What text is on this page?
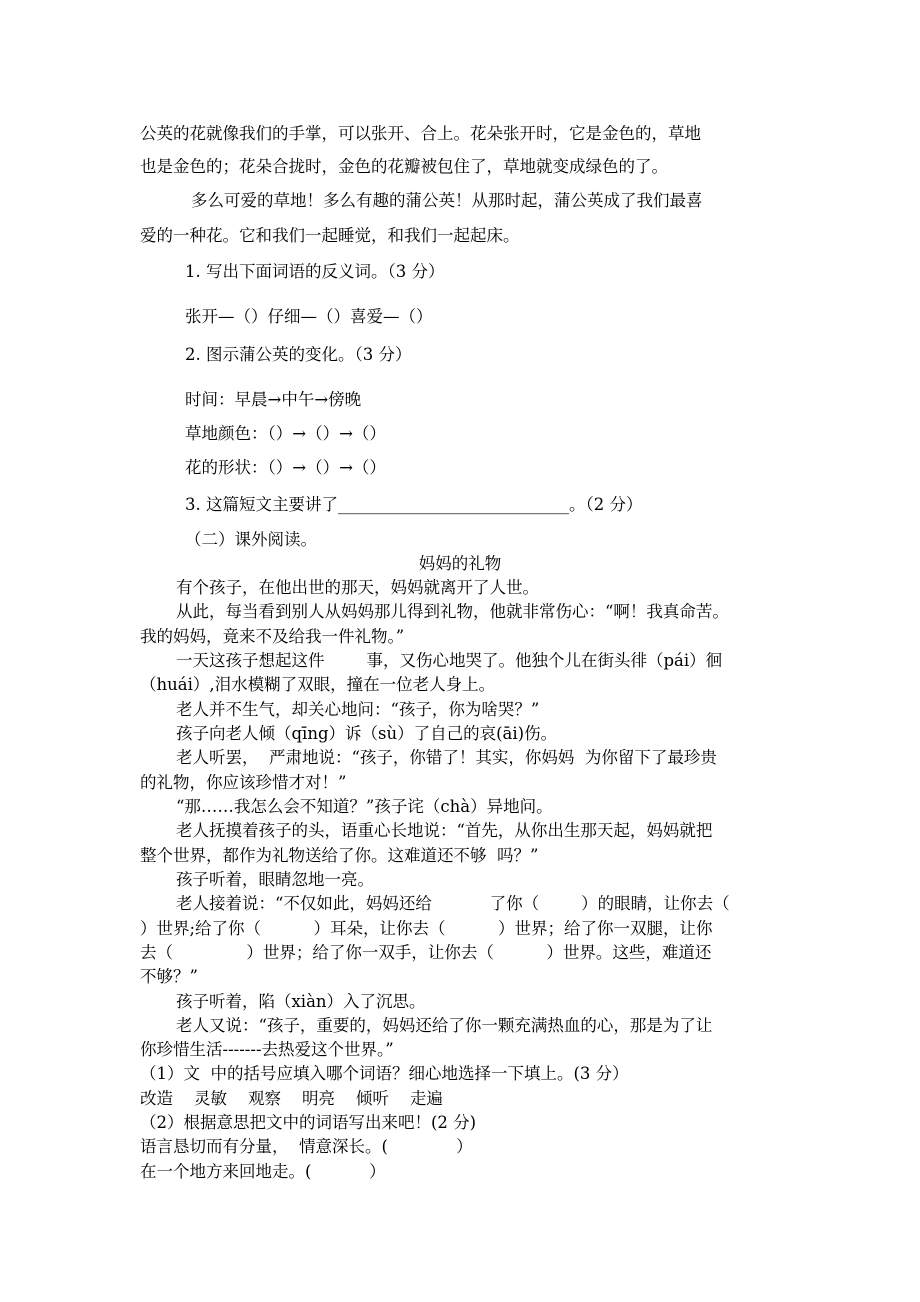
公英的花就像我们的手掌，可以张开、合上。花朵张开时，它是金色的，草地
也是金色的；花朵合拢时，金色的花瓣被包住了，草地就变成绿色的了。
多么可爱的草地！多么有趣的蒲公英！从那时起，蒲公英成了我们最喜
爱的一种花。它和我们一起睡觉，和我们一起起床。
1. 写出下面词语的反义词。（3 分）
张开—（）仔细—（）喜爱—（）
2. 图示蒲公英的变化。（3 分）
时间：早晨→中午→傍晚
草地颜色：（）→（）→（）
花的形状：（）→（）→（）
3. 这篇短文主要讲了____________________________。（2 分）
（二）课外阅读。
妈妈的礼物
有个孩子，在他出世的那天，妈妈就离开了人世。
从此，每当看到别人从妈妈那儿得到礼物，他就非常伤心：“啊！我真命苦。
我的妈妈，竟来不及给我一件礼物。”
一天这孩子想起这件        事，又伤心地哭了。他独个儿在街头徘（pái）徊
（huái）,泪水模糊了双眼，撞在一位老人身上。
老人并不生气，却关心地问：“孩子，你为啥哭？”
孩子向老人倾（qīng）诉（sù）了自己的哀(āi)伤。
老人听罢，  严肃地说：“孩子，你错了！其实，你妈妈  为你留下了最珍贵
的礼物，你应该珍惜才对！”
“那……我怎么会不知道？”孩子诧（chà）异地问。
老人抚摸着孩子的头，语重心长地说：“首先，从你出生那天起，妈妈就把
整个世界，都作为礼物送给了你。这难道还不够  吗？”
孩子听着，眼睛忽地一亮。
老人接着说：“不仅如此，妈妈还给           了你（        ）的眼睛，让你去（
）世界;给了你（          ）耳朵，让你去（          ）世界；给了你一双腿，让你
去（              ）世界；给了你一双手，让你去（          ）世界。这些，难道还
不够？”
孩子听着，陷（xiàn）入了沉思。
老人又说：“孩子，重要的，妈妈还给了你一颗充满热血的心，那是为了让
你珍惜生活-------去热爱这个世界。”
（1）文  中的括号应填入哪个词语？细心地选择一下填上。(3 分）
改造    灵敏    观察    明亮    倾听    走遍
（2）根据意思把文中的词语写出来吧！(2 分)
语言恳切而有分量，  情意深长。(             ）
在一个地方来回地走。(           ）
